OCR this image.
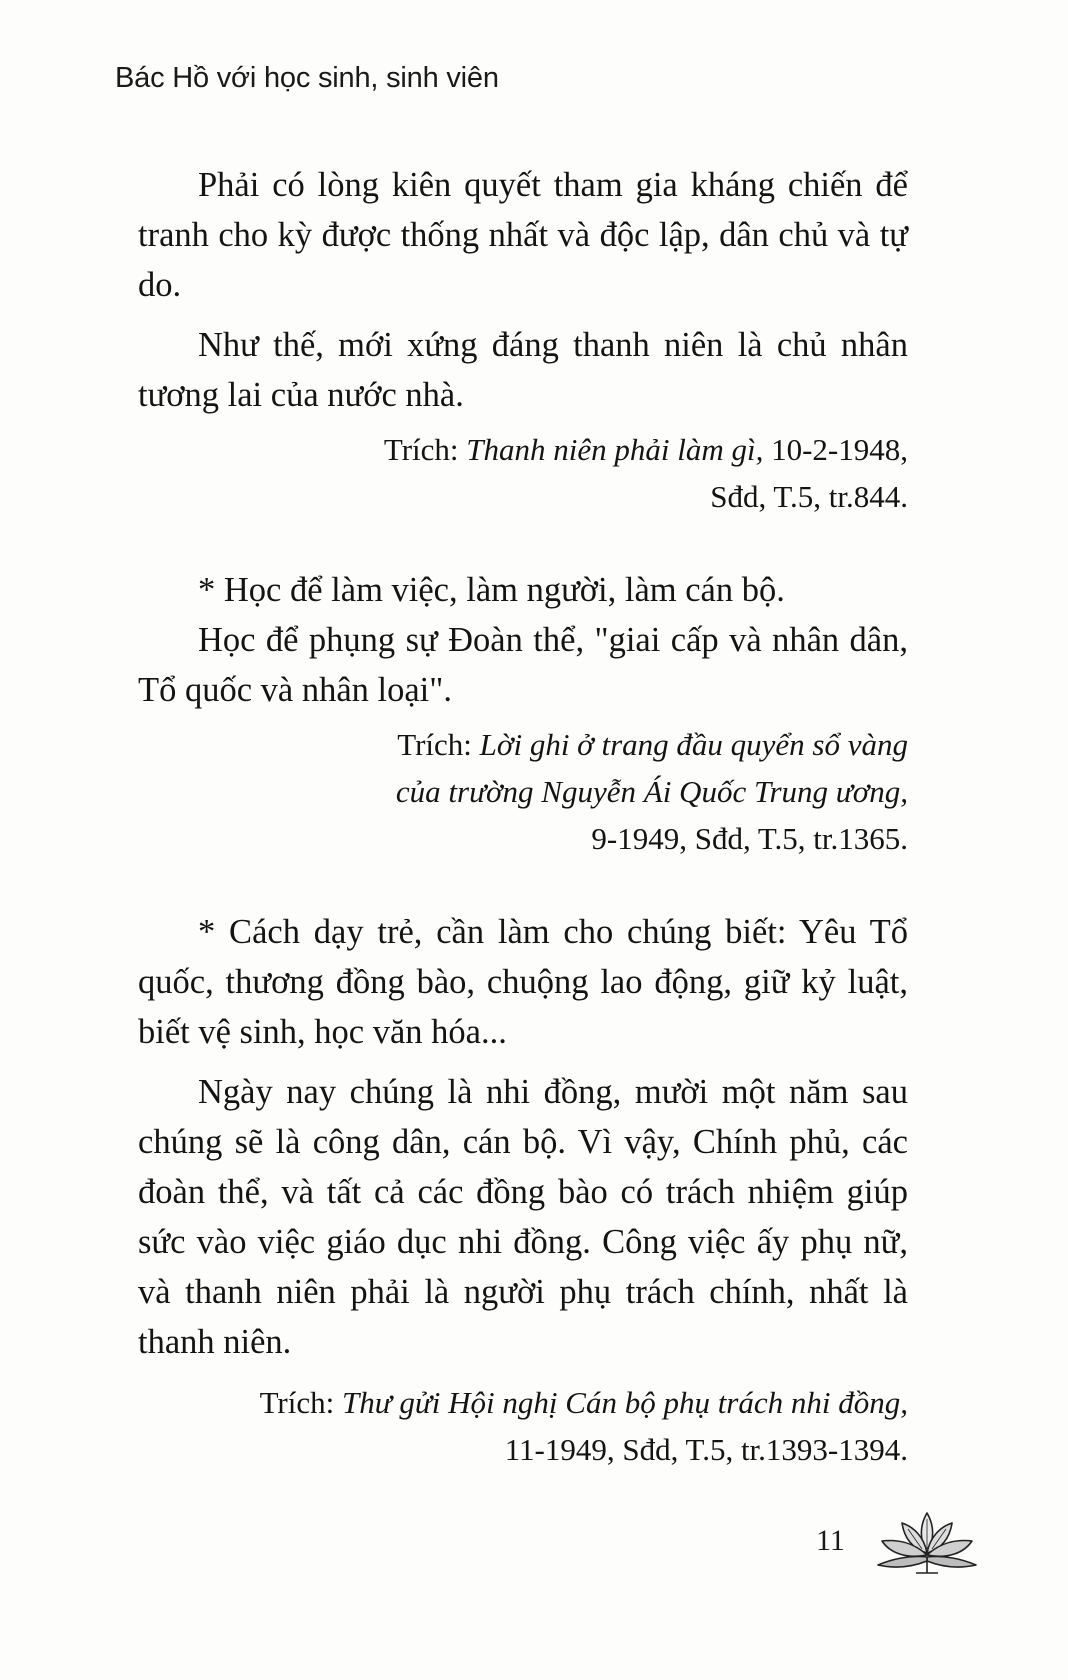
Bác Hồ với học sinh, sinh viên

Phải có lòng kiên quyết tham gia kháng chiến để tranh cho kỳ được thống nhất và độc lập, dân chủ và tự do.

Như thế, mới xứng đáng thanh niên là chủ nhân tương lai của nước nhà.

Trích: Thanh niên phải làm gì, 10-2-1948,
Sđd, T.5, tr.844.

* Học để làm việc, làm người, làm cán bộ.

Học để phụng sự Đoàn thể, "giai cấp và nhân dân, Tổ quốc và nhân loại".

Trích: Lời ghi ở trang đầu quyển sổ vàng
của trường Nguyễn Ái Quốc Trung ương,
9-1949, Sđd, T.5, tr.1365.

* Cách dạy trẻ, cần làm cho chúng biết: Yêu Tổ quốc, thương đồng bào, chuộng lao động, giữ kỷ luật, biết vệ sinh, học văn hóa...

Ngày nay chúng là nhi đồng, mười một năm sau chúng sẽ là công dân, cán bộ. Vì vậy, Chính phủ, các đoàn thể, và tất cả các đồng bào có trách nhiệm giúp sức vào việc giáo dục nhi đồng. Công việc ấy phụ nữ, và thanh niên phải là người phụ trách chính, nhất là thanh niên.

Trích: Thư gửi Hội nghị Cán bộ phụ trách nhi đồng,
11-1949, Sđd, T.5, tr.1393-1394.
11
